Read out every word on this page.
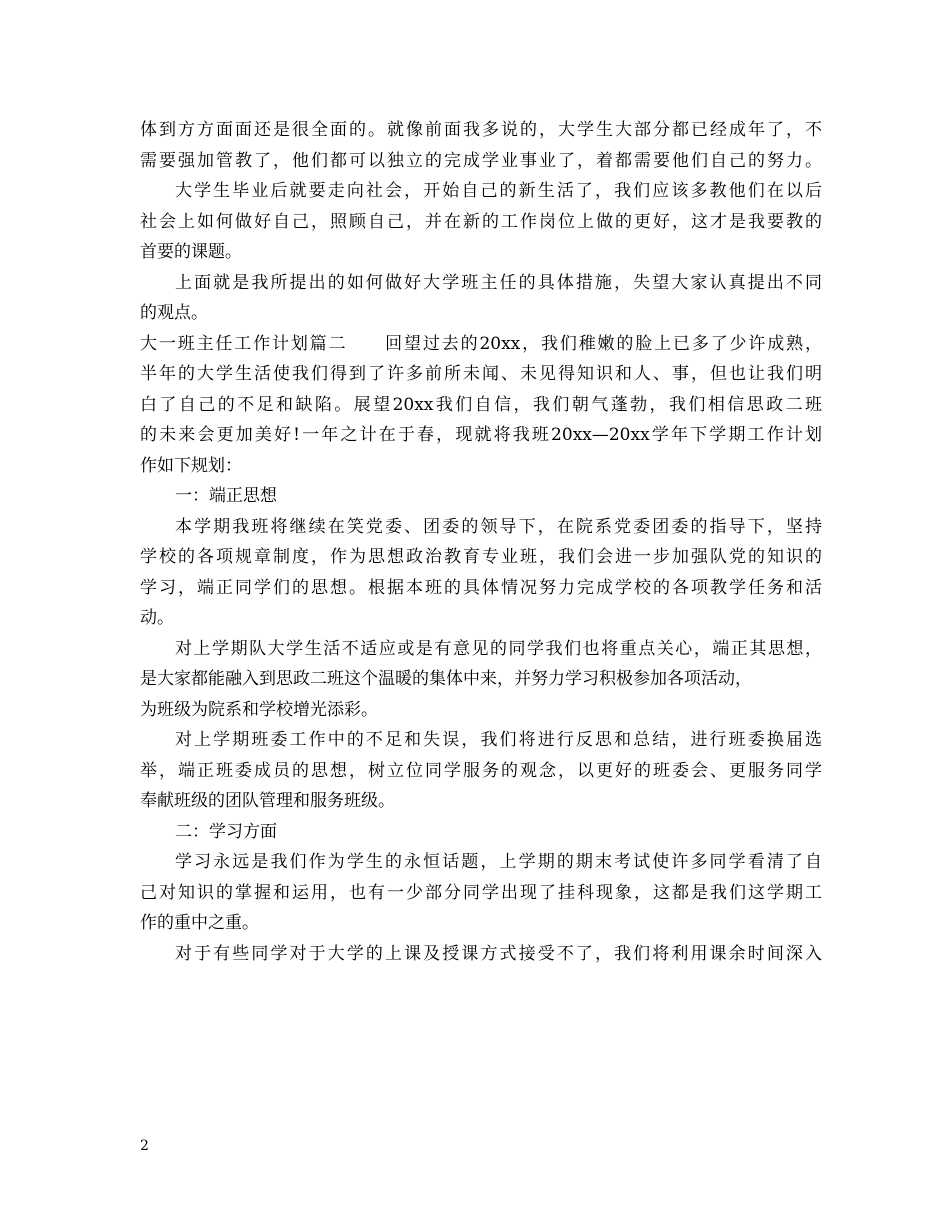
体到方方面面还是很全面的。就像前面我多说的，大学生大部分都已经成年了，不
需要强加管教了，他们都可以独立的完成学业事业了，着都需要他们自己的努力。
大学生毕业后就要走向社会，开始自己的新生活了，我们应该多教他们在以后
社会上如何做好自己，照顾自己，并在新的工作岗位上做的更好，这才是我要教的
首要的课题。
上面就是我所提出的如何做好大学班主任的具体措施，失望大家认真提出不同
的观点。
大一班主任工作计划篇二　　回望过去的20xx，我们稚嫩的脸上已多了少许成熟，
半年的大学生活使我们得到了许多前所未闻、未见得知识和人、事，但也让我们明
白了自己的不足和缺陷。展望20xx我们自信，我们朝气蓬勃，我们相信思政二班
的未来会更加美好!一年之计在于春，现就将我班20xx—20xx学年下学期工作计划
作如下规划：
一：端正思想
本学期我班将继续在笑党委、团委的领导下，在院系党委团委的指导下，坚持
学校的各项规章制度，作为思想政治教育专业班，我们会进一步加强队党的知识的
学习，端正同学们的思想。根据本班的具体情况努力完成学校的各项教学任务和活
动。
对上学期队大学生活不适应或是有意见的同学我们也将重点关心，端正其思想，
是大家都能融入到思政二班这个温暖的集体中来，并努力学习积极参加各项活动，
为班级为院系和学校增光添彩。
对上学期班委工作中的不足和失误，我们将进行反思和总结，进行班委换届选
举，端正班委成员的思想，树立位同学服务的观念，以更好的班委会、更服务同学
奉献班级的团队管理和服务班级。
二：学习方面
学习永远是我们作为学生的永恒话题，上学期的期末考试使许多同学看清了自
己对知识的掌握和运用，也有一少部分同学出现了挂科现象，这都是我们这学期工
作的重中之重。
对于有些同学对于大学的上课及授课方式接受不了，我们将利用课余时间深入
2
